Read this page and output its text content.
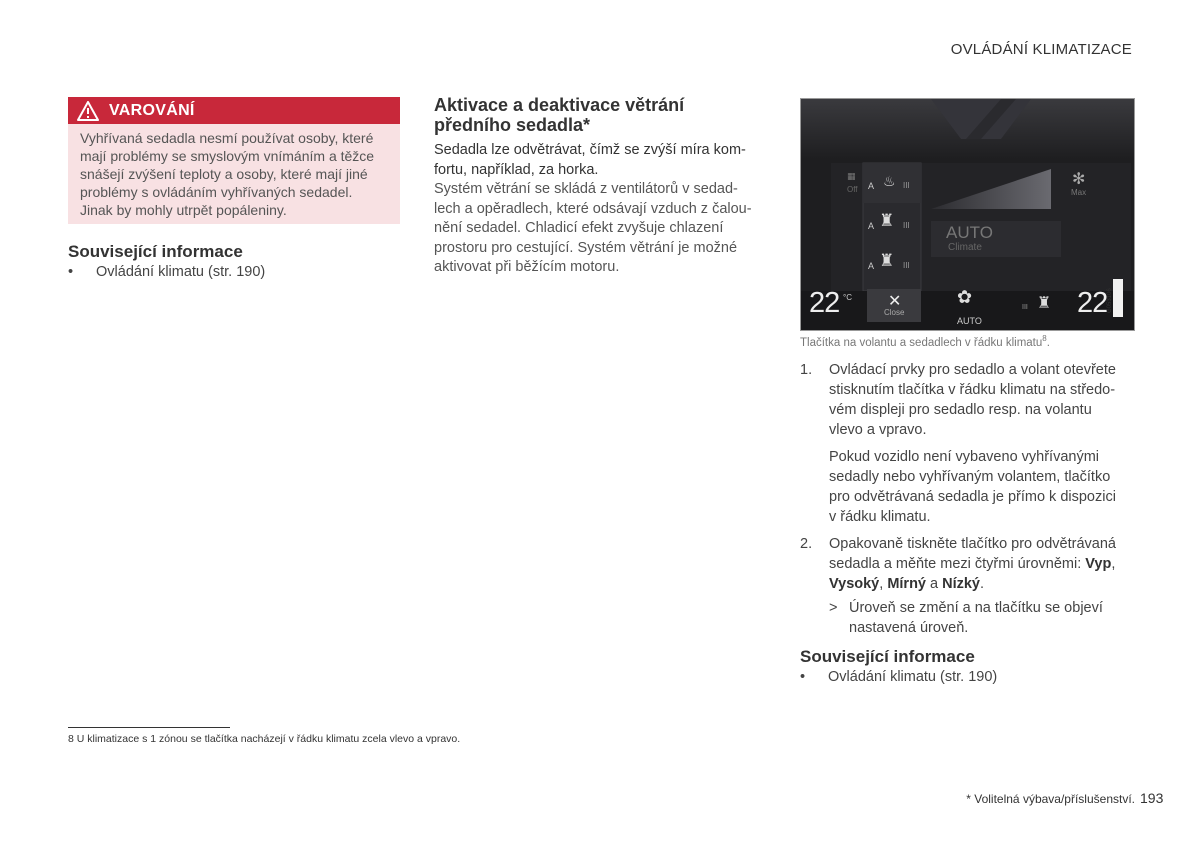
OVLÁDÁNÍ KLIMATIZACE
VAROVÁNÍ

Vyhřívaná sedadla nesmí používat osoby, které
mají problémy se smyslovým vnímáním a těžce
snášejí zvýšení teploty a osoby, které mají jiné
problémy s ovládáním vyhřívaných sedadel.
Jinak by mohly utrpět popáleniny.

Související informace
• Ovládání klimatu (str. 190)
Aktivace a deaktivace větrání
předního sedadla*
Sedadla lze odvětrávat, čímž se zvýší míra kom-
fortu, například, za horka.
Systém větrání se skládá z ventilátorů v sedad-
lech a opěradlech, které odsávají vzduch z čalou-
nění sedadel. Chladicí efekt zvyšuje chlazení
prostoru pro cestující. Systém větrání je možné
aktivovat při běžícím motoru.
▦
Off
✻
Max
A ♨ III
A ♜ III
A ♜ III
AUTO
Climate
22 °C ✕
Close
✿
AUTO
III ♜ 22 G053106
Tlačítka na volantu a sedadlech v řádku klimatu$^8$.
1. Ovládací prvky pro sedadlo a volant otevřete
stisknutím tlačítka v řádku klimatu na středo-
vém displeji pro sedadlo resp. na volantu
vlevo a vpravo.

Pokud vozidlo není vybaveno vyhřívanými
sedadly nebo vyhřívaným volantem, tlačítko
pro odvětrávaná sedadla je přímo k dispozici
v řádku klimatu.

2. Opakovaně tiskněte tlačítko pro odvětrávaná
sedadla a měňte mezi čtyřmi úrovněmi: Vyp,
Vysoký, Mírný a Nízký.

> Úroveň se změní a na tlačítku se objeví
nastavená úroveň.
Související informace
• Ovládání klimatu (str. 190)
8 U klimatizace s 1 zónou se tlačítka nacházejí v řádku klimatu zcela vlevo a vpravo.
* Volitelná výbava/příslušenství. 193
